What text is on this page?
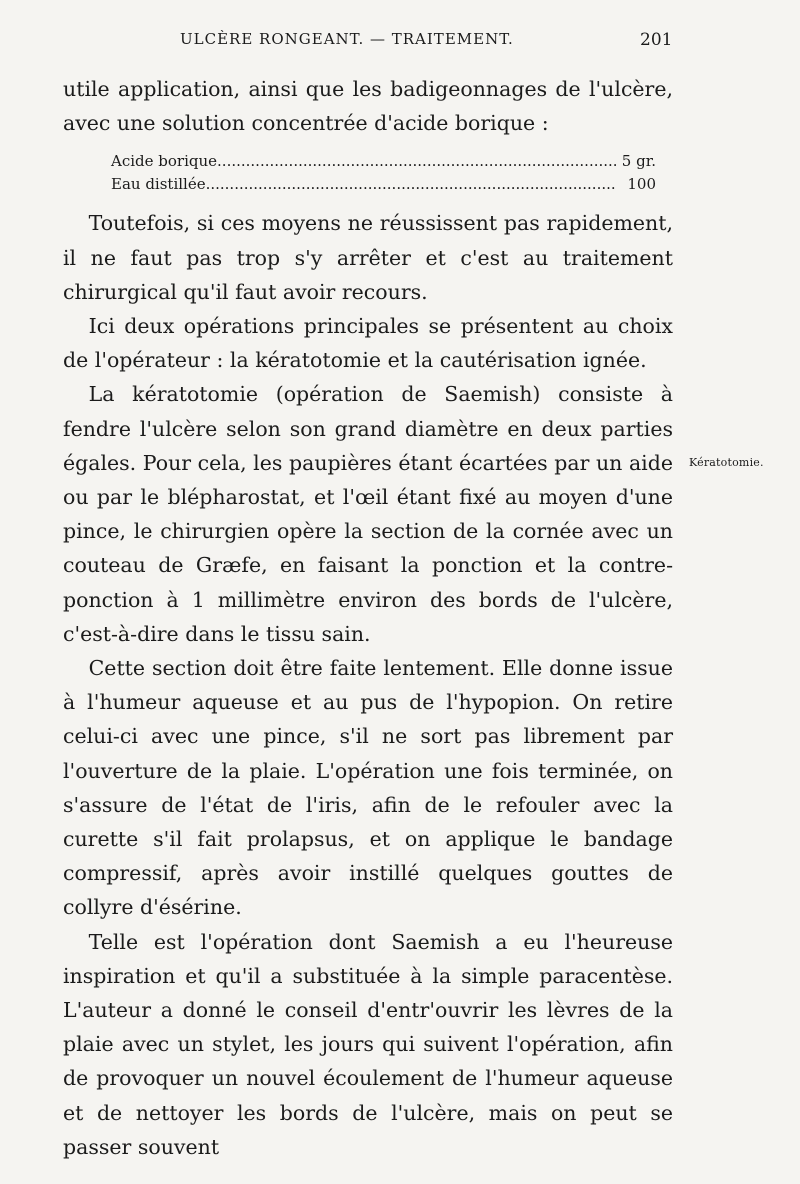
ULCÈRE RONGEANT. — TRAITEMENT.	201
Kératotomie.

utile application, ainsi que les badigeonnages de l'ulcère, avec une solution concentrée d'acide borique :

Acide borique .....	5 gr.
Eau distillée .....	100

Toutefois, si ces moyens ne réussissent pas rapidement, il ne faut pas trop s'y arrêter et c'est au traitement chirurgical qu'il faut avoir recours.

Ici deux opérations principales se présentent au choix de l'opérateur : la kératotomie et la cautérisation ignée.

La kératotomie (opération de Saemish) consiste à fendre l'ulcère selon son grand diamètre en deux parties égales. Pour cela, les paupières étant écartées par un aide ou par le blépharostat, et l'œil étant fixé au moyen d'une pince, le chirurgien opère la section de la cornée avec un couteau de Græfe, en faisant la ponction et la contre-ponction à 1 millimètre environ des bords de l'ulcère, c'est-à-dire dans le tissu sain.

Cette section doit être faite lentement. Elle donne issue à l'humeur aqueuse et au pus de l'hypopion. On retire celui-ci avec une pince, s'il ne sort pas librement par l'ouverture de la plaie. L'opération une fois terminée, on s'assure de l'état de l'iris, afin de le refouler avec la curette s'il fait prolapsus, et on applique le bandage compressif, après avoir instillé quelques gouttes de collyre d'ésérine.

Telle est l'opération dont Saemish a eu l'heureuse inspiration et qu'il a substituée à la simple paracentèse. L'auteur a donné le conseil d'entr'ouvrir les lèvres de la plaie avec un stylet, les jours qui suivent l'opération, afin de provoquer un nouvel écoulement de l'humeur aqueuse et de nettoyer les bords de l'ulcère, mais on peut se passer souvent
